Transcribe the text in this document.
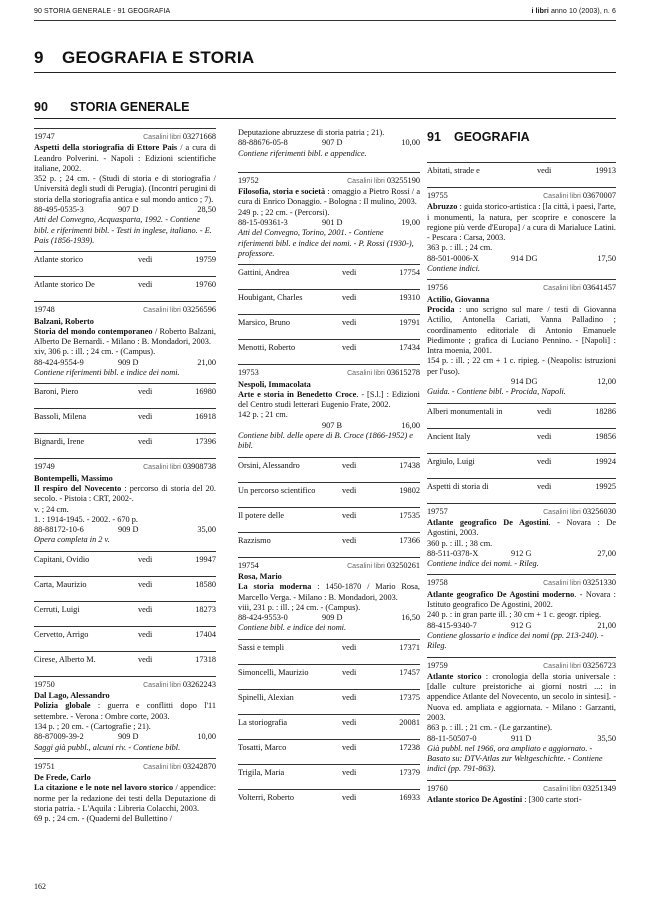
90 STORIA GENERALE - 91 GEOGRAFIA	i libri anno 10 (2003), n. 6
9 GEOGRAFIA E STORIA
90 STORIA GENERALE
19747	Casalini libri 03271668
Aspetti della storiografia di Ettore Pais / a cura di Leandro Polverini. - Napoli : Edizioni scientifiche italiane, 2002.
352 p. ; 24 cm. - (Studi di storia e di storiografia / Università degli studi di Perugia). (Incontri perugini di storia della storiografia antica e sul mondo antico ; 7).
88-495-0535-3	907 D	28,50
Atti del Convegno, Acquasparta, 1992. - Contiene bibl. e riferimenti bibl. - Testi in inglese, italiano. - E. Pais (1856-1939).
Atlante storico	vedi	19759
Atlante storico De	vedi	19760
19748	Casalini libri 03256596
Balzani, Roberto
Storia del mondo contemporaneo / Roberto Balzani, Alberto De Bernardi. - Milano : B. Mondadori, 2003.
xiv, 306 p. : ill. ; 24 cm. - (Campus).
88-424-9554-9	909 D	21,00
Contiene riferimenti bibl. e indice dei nomi.
Baroni, Piero	vedi	16980
Bassoli, Milena	vedi	16918
Bignardi, Irene	vedi	17396
19749	Casalini libri 03908738
Bontempelli, Massimo
Il respiro del Novecento : percorso di storia del 20. secolo. - Pistoia : CRT, 2002-.
v. ; 24 cm.
1. : 1914-1945. - 2002. - 670 p.
88-88172-10-6	909 D	35,00
Opera completa in 2 v.
Capitani, Ovidio	vedi	19947
Carta, Maurizio	vedi	18580
Cerruti, Luigi	vedi	18273
Cervetto, Arrigo	vedi	17404
Cirese, Alberto M.	vedi	17318
19750	Casalini libri 03262243
Dal Lago, Alessandro
Polizia globale : guerra e conflitti dopo l'11 settembre. - Verona : Ombre corte, 2003.
134 p. ; 20 cm. - (Cartografie ; 21).
88-87009-39-2	909 D	10,00
Saggi già pubbl., alcuni riv. - Contiene bibl.
19751	Casalini libri 03242870
De Frede, Carlo
La citazione e le note nel lavoro storico / appendice: norme per la redazione dei testi della Deputazione di storia patria. - L'Aquila : Libreria Colacchi, 2003.
69 p. ; 24 cm. - (Quaderni del Bullettino /
Deputazione abruzzese di storia patria ; 21).
88-88676-05-8	907 D	10,00
Contiene riferimenti bibl. e appendice.
19752	Casalini libri 03255190
Filosofia, storia e società : omaggio a Pietro Rossi / a cura di Enrico Donaggio. - Bologna : Il mulino, 2003.
249 p. ; 22 cm. - (Percorsi).
88-15-09361-3	901 D	19,00
Atti del Convegno, Torino, 2001. - Contiene riferimenti bibl. e indice dei nomi. - P. Rossi (1930-), professore.
Gattini, Andrea	vedi	17754
Houbigant, Charles	vedi	19310
Marsico, Bruno	vedi	19791
Menotti, Roberto	vedi	17434
19753	Casalini libri 03615278
Nespoli, Immacolata
Arte e storia in Benedetto Croce. - [S.l.] : Edizioni del Centro studi letterari Eugenio Frate, 2002.
142 p. ; 21 cm.
907 B	16,00
Contiene bibl. delle opere di B. Croce (1866-1952) e bibl.
Orsini, Alessandro	vedi	17438
Un percorso scientifico	vedi	19802
Il potere delle	vedi	17535
Razzismo	vedi	17366
19754	Casalini libri 03250261
Rosa, Mario
La storia moderna : 1450-1870 / Mario Rosa, Marcello Verga. - Milano : B. Mondadori, 2003.
viii, 231 p. : ill. ; 24 cm. - (Campus).
88-424-9553-0	909 D	16,50
Contiene bibl. e indice dei nomi.
Sassi e templi	vedi	17371
Simoncelli, Maurizio	vedi	17457
Spinelli, Alexian	vedi	17375
La storiografia	vedi	20081
Tosatti, Marco	vedi	17238
Trigila, Maria	vedi	17379
Volterri, Roberto	vedi	16933
91 GEOGRAFIA
Abitati, strade e	vedi	19913
19755	Casalini libri 03670007
Abruzzo : guida storico-artistica : [la città, i paesi, l'arte, i monumenti, la natura, per scoprire e conoscere la regione più verde d'Europa] / a cura di Marialuce Latini. - Pescara : Carsa, 2003.
363 p. : ill. ; 24 cm.
88-501-0006-X	914 DG	17,50
Contiene indici.
19756	Casalini libri 03641457
Actilio, Giovanna
Procida : uno scrigno sul mare / testi di Giovanna Actilio, Antonella Cariati, Vanna Palladino ; coordinamento editoriale di Antonio Emanuele Piedimonte ; grafica di Luciano Pennino. - [Napoli] : Intra moenia, 2001.
154 p. : ill. ; 22 cm + 1 c. ripieg. - (Neapolis: istruzioni per l'uso).
914 DG	12,00
Guida. - Contiene bibl. - Procida, Napoli.
Alberi monumentali in	vedi	18286
Ancient Italy	vedi	19856
Argiulo, Luigi	vedi	19924
Aspetti di storia di	vedi	19925
19757	Casalini libri 03256030
Atlante geografico De Agostini. - Novara : De Agostini, 2003.
360 p. : ill. ; 38 cm.
88-511-0378-X	912 G	27,00
Contiene indice dei nomi. - Rileg.
19758	Casalini libri 03251330
Atlante geografico De Agostini moderno. - Novara : Istituto geografico De Agostini, 2002.
240 p. : in gran parte ill. ; 30 cm + 1 c. geogr. ripieg.
88-415-9340-7	912 G	21,00
Contiene glossario e indice dei nomi (pp. 213-240). - Rileg.
19759	Casalini libri 03256723
Atlante storico : cronologia della storia universale : [dalle culture preistoriche ai giorni nostri ...: in appendice Atlante del Novecento, un secolo in sintesi]. - Nuova ed. ampliata e aggiornata. - Milano : Garzanti, 2003.
863 p. : ill. ; 21 cm. - (Le garzantine).
88-11-50507-0	911 D	35,50
Già pubbl. nel 1966, ora ampliato e aggiornato. - Basato su: DTV-Atlas zur Weltgeschichte. - Contiene indici (pp. 791-863).
19760	Casalini libri 03251349
Atlante storico De Agostini : [300 carte stori-
162
